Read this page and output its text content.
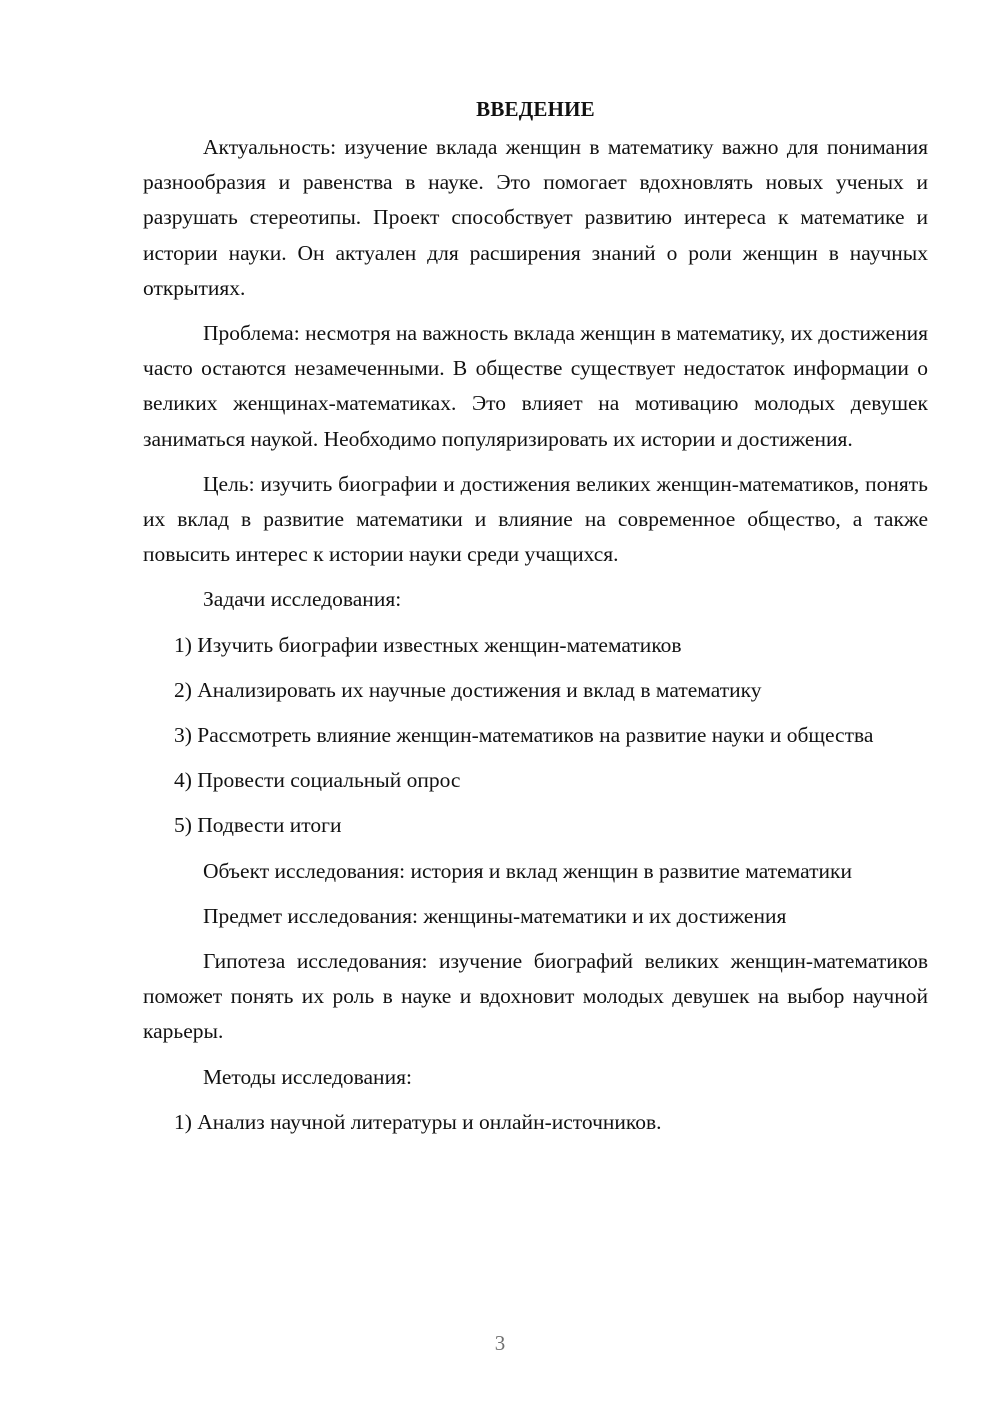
ВВЕДЕНИЕ

Актуальность: изучение вклада женщин в математику важно для понимания разнообразия и равенства в науке. Это помогает вдохновлять новых ученых и разрушать стереотипы. Проект способствует развитию интереса к математике и истории науки. Он актуален для расширения знаний о роли женщин в научных открытиях.

Проблема: несмотря на важность вклада женщин в математику, их достижения часто остаются незамеченными. В обществе существует недостаток информации о великих женщинах-математиках. Это влияет на мотивацию молодых девушек заниматься наукой. Необходимо популяризировать их истории и достижения.

Цель: изучить биографии и достижения великих женщин-математиков, понять их вклад в развитие математики и влияние на современное общество, а также повысить интерес к истории науки среди учащихся.

Задачи исследования:

1) Изучить биографии известных женщин-математиков

2) Анализировать их научные достижения и вклад в математику

3) Рассмотреть влияние женщин-математиков на развитие науки и общества

4) Провести социальный опрос

5) Подвести итоги

Объект исследования: история и вклад женщин в развитие математики

Предмет исследования: женщины-математики и их достижения

Гипотеза исследования: изучение биографий великих женщин-математиков поможет понять их роль в науке и вдохновит молодых девушек на выбор научной карьеры.

Методы исследования:

1) Анализ научной литературы и онлайн-источников.

3
